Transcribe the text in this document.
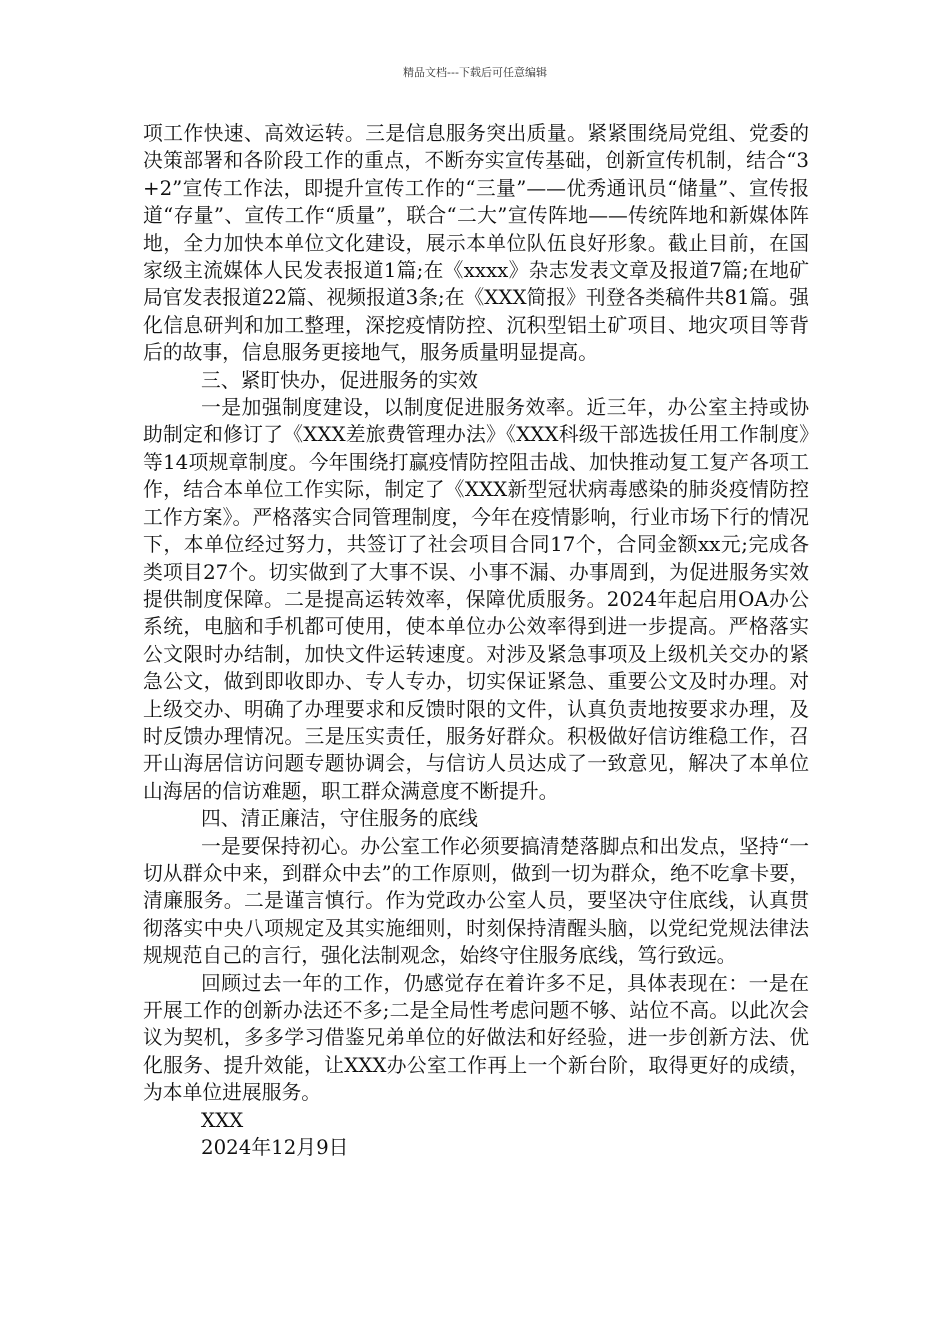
精品文档---下载后可任意编辑

项工作快速、高效运转。三是信息服务突出质量。紧紧围绕局党组、党委的决策部署和各阶段工作的重点，不断夯实宣传基础，创新宣传机制，结合“3+2”宣传工作法，即提升宣传工作的“三量”——优秀通讯员“储量”、宣传报道“存量”、宣传工作“质量”，联合“二大”宣传阵地——传统阵地和新媒体阵地，全力加快本单位文化建设，展示本单位队伍良好形象。截止目前，在国家级主流媒体人民发表报道1篇;在《xxxx》杂志发表文章及报道7篇;在地矿局官发表报道22篇、视频报道3条;在《XXX简报》刊登各类稿件共81篇。强化信息研判和加工整理，深挖疫情防控、沉积型铝土矿项目、地灾项目等背后的故事，信息服务更接地气，服务质量明显提高。

三、紧盯快办，促进服务的实效

一是加强制度建设，以制度促进服务效率。近三年，办公室主持或协助制定和修订了《XXX差旅费管理办法》《XXX科级干部选拔任用工作制度》等14项规章制度。今年围绕打赢疫情防控阻击战、加快推动复工复产各项工作，结合本单位工作实际，制定了《XXX新型冠状病毒感染的肺炎疫情防控工作方案》。严格落实合同管理制度，今年在疫情影响，行业市场下行的情况下，本单位经过努力，共签订了社会项目合同17个，合同金额xx元;完成各类项目27个。切实做到了大事不误、小事不漏、办事周到，为促进服务实效提供制度保障。二是提高运转效率，保障优质服务。2024年起启用OA办公系统，电脑和手机都可使用，使本单位办公效率得到进一步提高。严格落实公文限时办结制，加快文件运转速度。对涉及紧急事项及上级机关交办的紧急公文，做到即收即办、专人专办，切实保证紧急、重要公文及时办理。对上级交办、明确了办理要求和反馈时限的文件，认真负责地按要求办理，及时反馈办理情况。三是压实责任，服务好群众。积极做好信访维稳工作，召开山海居信访问题专题协调会，与信访人员达成了一致意见，解决了本单位山海居的信访难题，职工群众满意度不断提升。

四、清正廉洁，守住服务的底线

一是要保持初心。办公室工作必须要搞清楚落脚点和出发点，坚持“一切从群众中来，到群众中去”的工作原则，做到一切为群众，绝不吃拿卡要，清廉服务。二是谨言慎行。作为党政办公室人员，要坚决守住底线，认真贯彻落实中央八项规定及其实施细则，时刻保持清醒头脑，以党纪党规法律法规规范自己的言行，强化法制观念，始终守住服务底线，笃行致远。

回顾过去一年的工作，仍感觉存在着许多不足，具体表现在：一是在开展工作的创新办法还不多;二是全局性考虑问题不够、站位不高。以此次会议为契机，多多学习借鉴兄弟单位的好做法和好经验，进一步创新方法、优化服务、提升效能，让XXX办公室工作再上一个新台阶，取得更好的成绩，为本单位进展服务。

XXX

2024年12月9日
